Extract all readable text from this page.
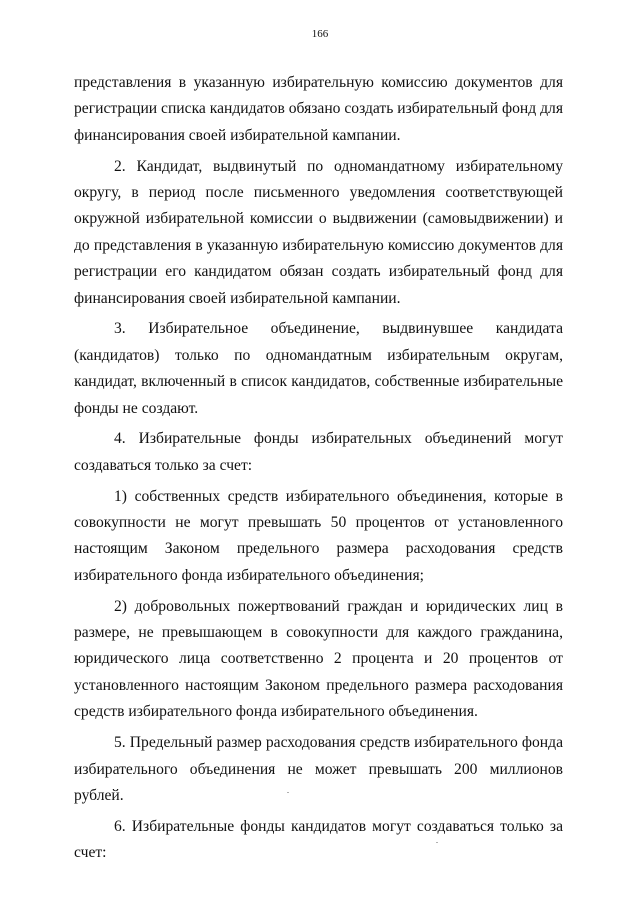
166

представления в указанную избирательную комиссию документов для регистрации списка кандидатов обязано создать избирательный фонд для финансирования своей избирательной кампании.

2. Кандидат, выдвинутый по одномандатному избирательному округу, в период после письменного уведомления соответствующей окружной избирательной комиссии о выдвижении (самовыдвижении) и до представления в указанную избирательную комиссию документов для регистрации его кандидатом обязан создать избирательный фонд для финансирования своей избирательной кампании.

3. Избирательное объединение, выдвинувшее кандидата (кандидатов) только по одномандатным избирательным округам, кандидат, включенный в список кандидатов, собственные избирательные фонды не создают.

4. Избирательные фонды избирательных объединений могут создаваться только за счет:

1) собственных средств избирательного объединения, которые в совокупности не могут превышать 50 процентов от установленного настоящим Законом предельного размера расходования средств избирательного фонда избирательного объединения;

2) добровольных пожертвований граждан и юридических лиц в размере, не превышающем в совокупности для каждого гражданина, юридического лица соответственно 2 процента и 20 процентов от установленного настоящим Законом предельного размера расходования средств избирательного фонда избирательного объединения.

5. Предельный размер расходования средств избирательного фонда избирательного объединения не может превышать 200 миллионов рублей.

6. Избирательные фонды кандидатов могут создаваться только за счет:
